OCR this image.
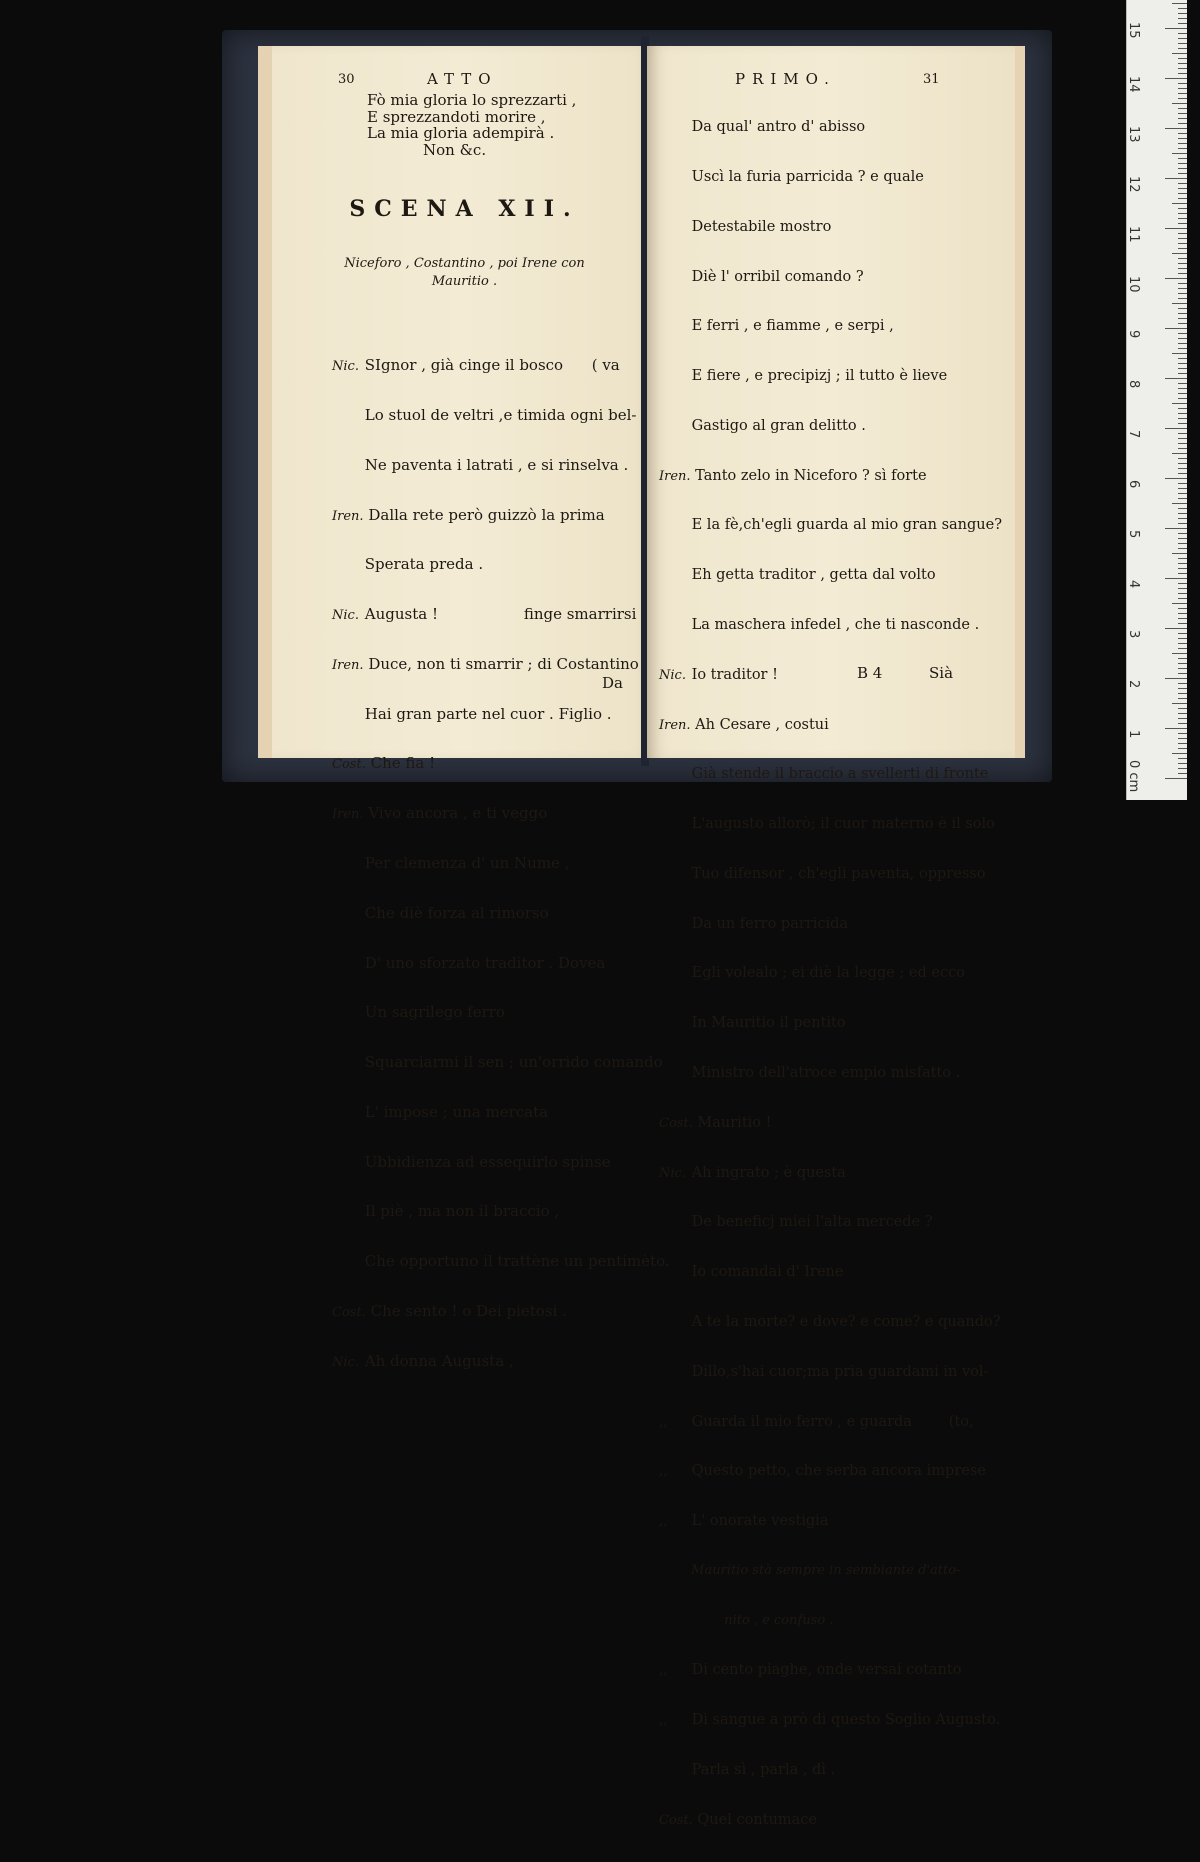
30	ATTO
Fò mia gloria lo sprezzarti ,
E sprezzandoti morire ,
La mia gloria adempirà .
Non &c.
SCENA XII.
Niceforo , Costantino , poi Irene con
Mauritio .

Nic. SIgnor , già cinge il bosco      ( va

Lo stuol de veltri ,e timida ogni bel-

Ne paventa i latrati , e si rinselva .

Iren. Dalla rete però guizzò la prima

Sperata preda .

Nic. Augusta !                  finge smarrirsi

Iren. Duce, non ti smarrir ; di Costantino

Hai gran parte nel cuor . Figlio .

Cost. Che fia !

Iren. Vivo ancora , e ti veggo

Per clemenza d' un Nume ,

Che diè forza al rimorso

D' uno sforzato traditor . Dovea

Un sagrilego ferro

Squarciarmi il sen ; un'orrido comando

L' impose ; una mercata

Ubbidienza ad essequirlo spinse

Il piè , ma non il braccio ,

Che opportuno il trattène un pentimèto.

Cost. Che sento ! o Dei pietosi .

Nic. Ah donna Augusta ,

Da
PRIMO.	31

Da qual' antro d' abisso

Uscì la furia parricida ? e quale

Detestabile mostro

Diè l' orribil comando ?

E ferri , e fiamme , e serpi ,

E fiere , e precipizj ; il tutto è lieve

Gastigo al gran delitto .

Iren. Tanto zelo in Niceforo ? sì forte

E la fè,ch'egli guarda al mio gran sangue?

Eh getta traditor , getta dal volto

La maschera infedel , che ti nasconde .

Nic. Io traditor !

Iren. Ah Cesare , costui

Già stende il braccio a svellerti di fronte

L'augusto allorò; il cuor materno è il solo

Tuo difensor , ch'egli paventa, oppresso

Da un ferro parricida

Egli volealo ; ei diè la legge ; ed ecco

In Mauritio il pentito

Ministro dell'atroce empio misfatto .

Cost. Mauritio !

Nic. Ah ingrato ; è questa

De beneficj miei l'alta mercede ?

Io comandai d' Irene

A te la morte? e dove? e come? e quando?

Dillo,s'hai cuor;ma pria guardami in vol-

,, Guarda il mio ferro , e guarda        (to,

,, Questo petto, che serba ancora imprese

,, L' onorate vestigia

Mauritio stà sempre in sembiante d'atto-

nito , e confuso .

,, Di cento piaghe, onde versai cotanto

,, Di sangue a prò di questo Soglio Augusto.

Parla sì , parla , dì .

Cost. Quel contumace

B 4	Sià
0 cm
1
2
3
4
5
6
7
8
9
10
11
12
13
14
15
